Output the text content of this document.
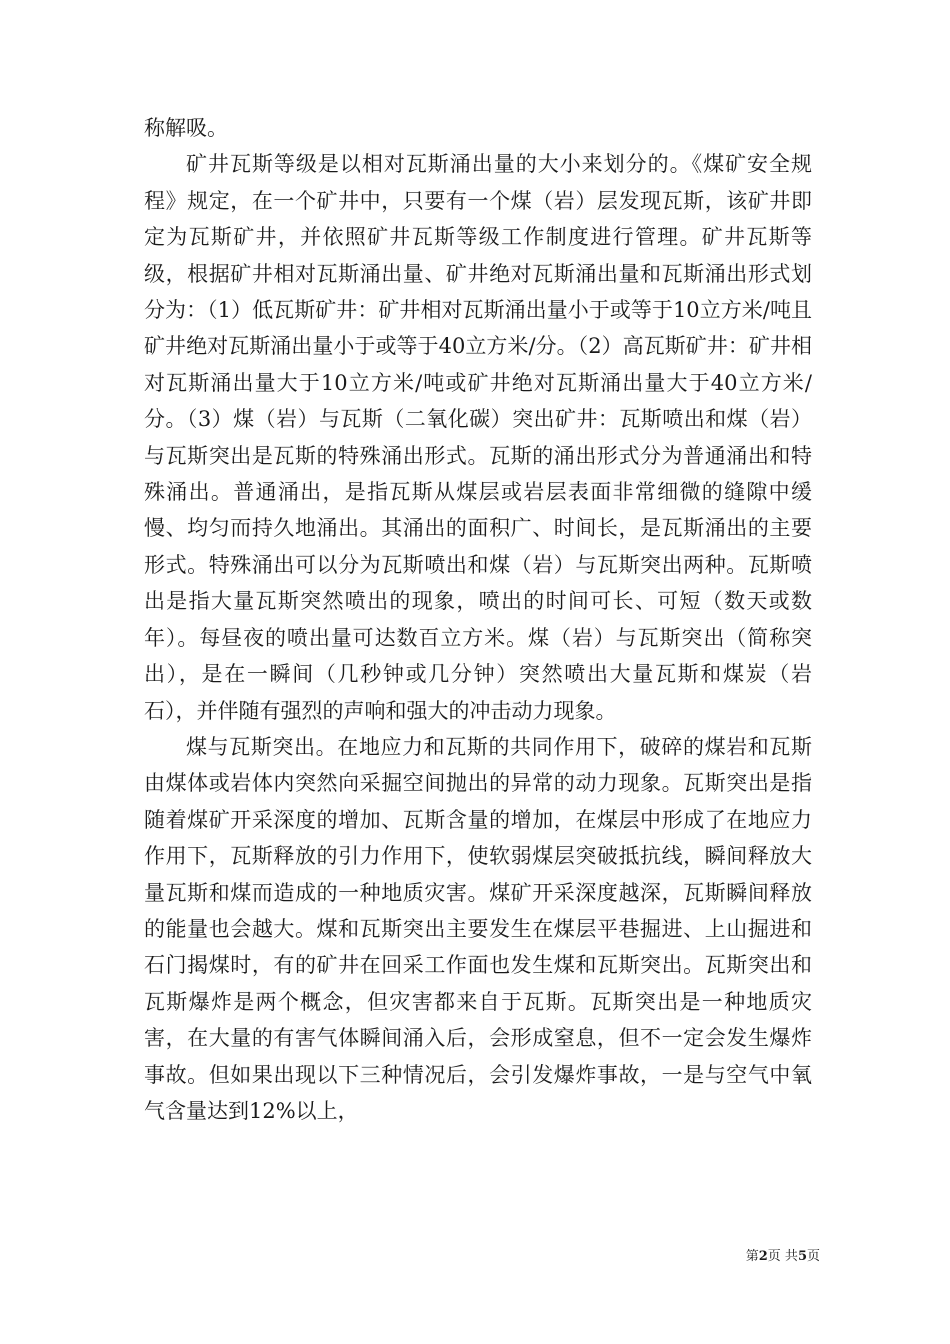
称解吸。

矿井瓦斯等级是以相对瓦斯涌出量的大小来划分的。《煤矿安全规程》规定，在一个矿井中，只要有一个煤（岩）层发现瓦斯，该矿井即定为瓦斯矿井，并依照矿井瓦斯等级工作制度进行管理。矿井瓦斯等级，根据矿井相对瓦斯涌出量、矿井绝对瓦斯涌出量和瓦斯涌出形式划分为：（1）低瓦斯矿井：矿井相对瓦斯涌出量小于或等于10立方米/吨且矿井绝对瓦斯涌出量小于或等于40立方米/分。（2）高瓦斯矿井：矿井相对瓦斯涌出量大于10立方米/吨或矿井绝对瓦斯涌出量大于40立方米/分。（3）煤（岩）与瓦斯（二氧化碳）突出矿井：瓦斯喷出和煤（岩）与瓦斯突出是瓦斯的特殊涌出形式。瓦斯的涌出形式分为普通涌出和特殊涌出。普通涌出，是指瓦斯从煤层或岩层表面非常细微的缝隙中缓慢、均匀而持久地涌出。其涌出的面积广、时间长，是瓦斯涌出的主要形式。特殊涌出可以分为瓦斯喷出和煤（岩）与瓦斯突出两种。瓦斯喷出是指大量瓦斯突然喷出的现象，喷出的时间可长、可短（数天或数年）。每昼夜的喷出量可达数百立方米。煤（岩）与瓦斯突出（简称突出），是在一瞬间（几秒钟或几分钟）突然喷出大量瓦斯和煤炭（岩石），并伴随有强烈的声响和强大的冲击动力现象。

煤与瓦斯突出。在地应力和瓦斯的共同作用下，破碎的煤岩和瓦斯由煤体或岩体内突然向采掘空间抛出的异常的动力现象。瓦斯突出是指随着煤矿开采深度的增加、瓦斯含量的增加，在煤层中形成了在地应力作用下，瓦斯释放的引力作用下，使软弱煤层突破抵抗线，瞬间释放大量瓦斯和煤而造成的一种地质灾害。煤矿开采深度越深，瓦斯瞬间释放的能量也会越大。煤和瓦斯突出主要发生在煤层平巷掘进、上山掘进和石门揭煤时，有的矿井在回采工作面也发生煤和瓦斯突出。瓦斯突出和瓦斯爆炸是两个概念，但灾害都来自于瓦斯。瓦斯突出是一种地质灾害，在大量的有害气体瞬间涌入后，会形成窒息，但不一定会发生爆炸事故。但如果出现以下三种情况后，会引发爆炸事故，一是与空气中氧气含量达到12%以上，

第2页 共5页
